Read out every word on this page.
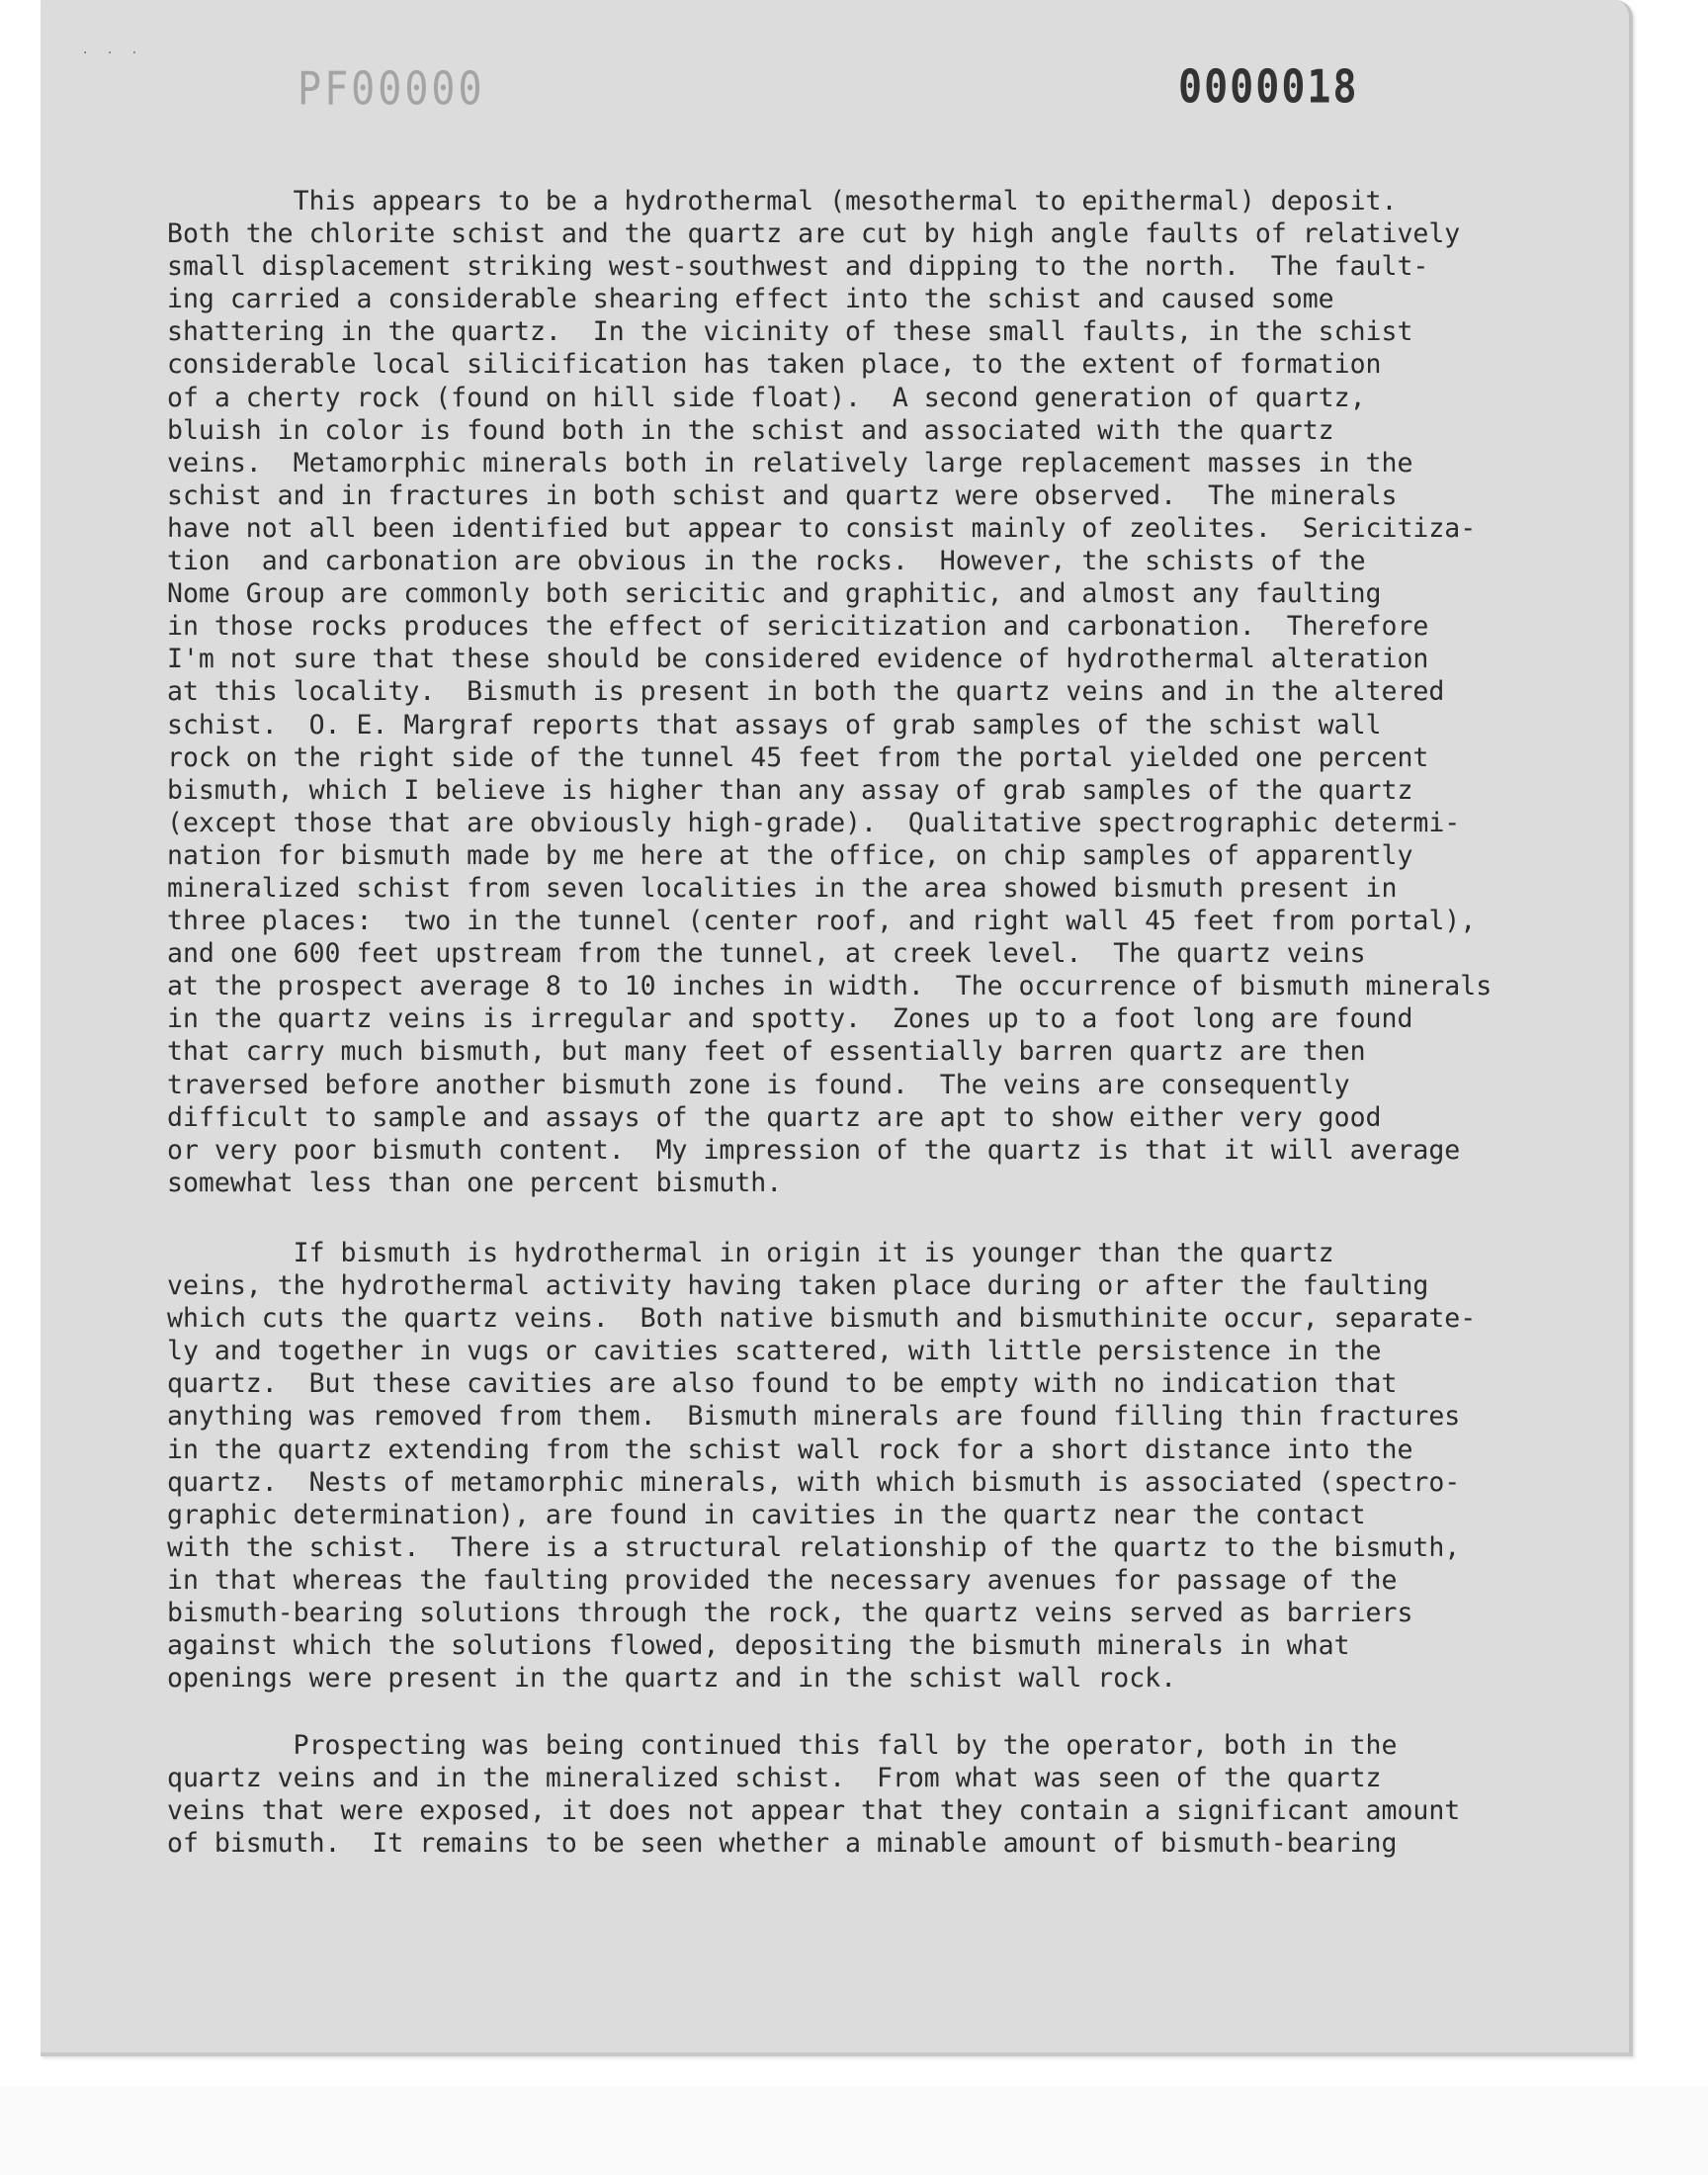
. . .
PF00000	0000018
This appears to be a hydrothermal (mesothermal to epithermal) deposit.
Both the chlorite schist and the quartz are cut by high angle faults of relatively
small displacement striking west-southwest and dipping to the north.  The fault-
ing carried a considerable shearing effect into the schist and caused some
shattering in the quartz.  In the vicinity of these small faults, in the schist
considerable local silicification has taken place, to the extent of formation
of a cherty rock (found on hill side float).  A second generation of quartz,
bluish in color is found both in the schist and associated with the quartz
veins.  Metamorphic minerals both in relatively large replacement masses in the
schist and in fractures in both schist and quartz were observed.  The minerals
have not all been identified but appear to consist mainly of zeolites.  Sericitiza-
tion  and carbonation are obvious in the rocks.  However, the schists of the
Nome Group are commonly both sericitic and graphitic, and almost any faulting
in those rocks produces the effect of sericitization and carbonation.  Therefore
I'm not sure that these should be considered evidence of hydrothermal alteration
at this locality.  Bismuth is present in both the quartz veins and in the altered
schist.  O. E. Margraf reports that assays of grab samples of the schist wall
rock on the right side of the tunnel 45 feet from the portal yielded one percent
bismuth, which I believe is higher than any assay of grab samples of the quartz
(except those that are obviously high-grade).  Qualitative spectrographic determi-
nation for bismuth made by me here at the office, on chip samples of apparently
mineralized schist from seven localities in the area showed bismuth present in
three places:  two in the tunnel (center roof, and right wall 45 feet from portal),
and one 600 feet upstream from the tunnel, at creek level.  The quartz veins
at the prospect average 8 to 10 inches in width.  The occurrence of bismuth minerals
in the quartz veins is irregular and spotty.  Zones up to a foot long are found
that carry much bismuth, but many feet of essentially barren quartz are then
traversed before another bismuth zone is found.  The veins are consequently
difficult to sample and assays of the quartz are apt to show either very good
or very poor bismuth content.  My impression of the quartz is that it will average
somewhat less than one percent bismuth.
If bismuth is hydrothermal in origin it is younger than the quartz
veins, the hydrothermal activity having taken place during or after the faulting
which cuts the quartz veins.  Both native bismuth and bismuthinite occur, separate-
ly and together in vugs or cavities scattered, with little persistence in the
quartz.  But these cavities are also found to be empty with no indication that
anything was removed from them.  Bismuth minerals are found filling thin fractures
in the quartz extending from the schist wall rock for a short distance into the
quartz.  Nests of metamorphic minerals, with which bismuth is associated (spectro-
graphic determination), are found in cavities in the quartz near the contact
with the schist.  There is a structural relationship of the quartz to the bismuth,
in that whereas the faulting provided the necessary avenues for passage of the
bismuth-bearing solutions through the rock, the quartz veins served as barriers
against which the solutions flowed, depositing the bismuth minerals in what
openings were present in the quartz and in the schist wall rock.
Prospecting was being continued this fall by the operator, both in the
quartz veins and in the mineralized schist.  From what was seen of the quartz
veins that were exposed, it does not appear that they contain a significant amount
of bismuth.  It remains to be seen whether a minable amount of bismuth-bearing
